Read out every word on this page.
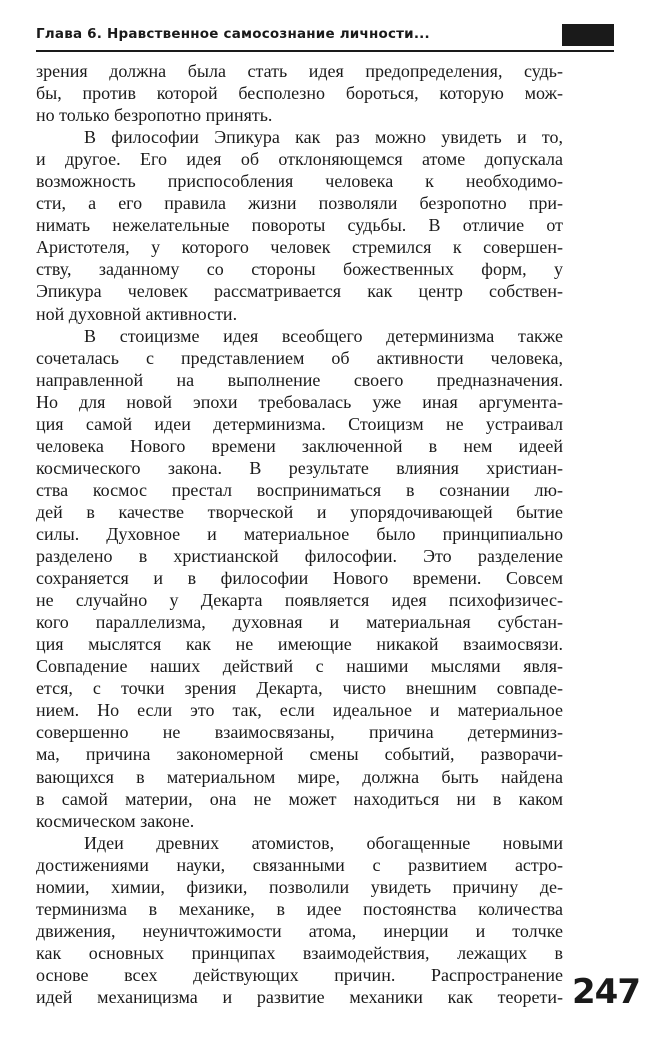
Глава 6. Нравственное самосознание личности...
зрения должна была стать идея предопределения, судь-
бы, против которой бесполезно бороться, которую мож-
но только безропотно принять.
В философии Эпикура как раз можно увидеть и то,
и другое. Его идея об отклоняющемся атоме допускала
возможность приспособления человека к необходимо-
сти, а его правила жизни позволяли безропотно при-
нимать нежелательные повороты судьбы. В отличие от
Аристотеля, у которого человек стремился к совершен-
ству, заданному со стороны божественных форм, у
Эпикура человек рассматривается как центр собствен-
ной духовной активности.
В стоицизме идея всеобщего детерминизма также
сочеталась с представлением об активности человека,
направленной на выполнение своего предназначения.
Но для новой эпохи требовалась уже иная аргумента-
ция самой идеи детерминизма. Стоицизм не устраивал
человека Нового времени заключенной в нем идеей
космического закона. В результате влияния христиан-
ства космос престал восприниматься в сознании лю-
дей в качестве творческой и упорядочивающей бытие
силы. Духовное и материальное было принципиально
разделено в христианской философии. Это разделение
сохраняется и в философии Нового времени. Совсем
не случайно у Декарта появляется идея психофизичес-
кого параллелизма, духовная и материальная субстан-
ция мыслятся как не имеющие никакой взаимосвязи.
Совпадение наших действий с нашими мыслями явля-
ется, с точки зрения Декарта, чисто внешним совпаде-
нием. Но если это так, если идеальное и материальное
совершенно не взаимосвязаны, причина детерминиз-
ма, причина закономерной смены событий, разворачи-
вающихся в материальном мире, должна быть найдена
в самой материи, она не может находиться ни в каком
космическом законе.
Идеи древних атомистов, обогащенные новыми
достижениями науки, связанными с развитием астро-
номии, химии, физики, позволили увидеть причину де-
терминизма в механике, в идее постоянства количества
движения, неуничтожимости атома, инерции и толчке
как основных принципах взаимодействия, лежащих в
основе всех действующих причин. Распространение
идей механицизма и развитие механики как теорети- 247
